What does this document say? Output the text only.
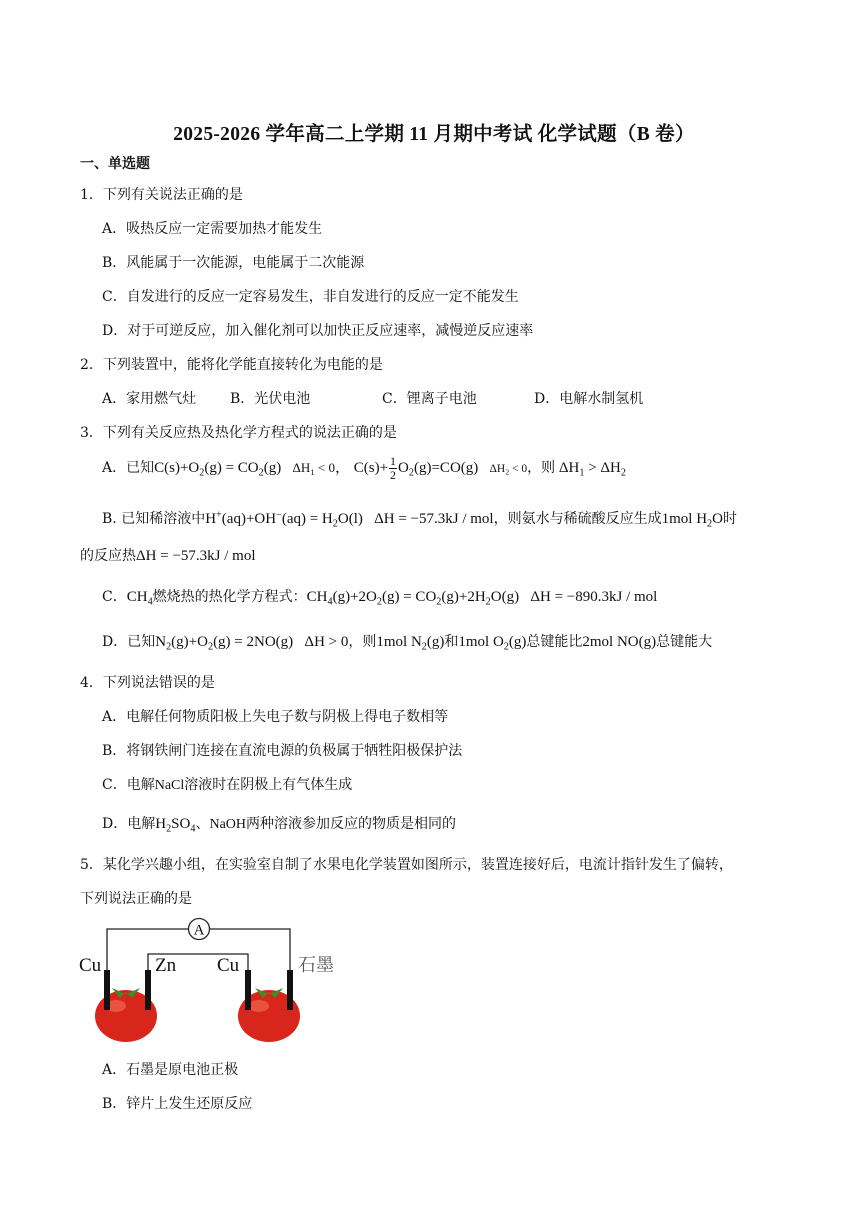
2025-2026 学年高二上学期 11 月期中考试 化学试题（B 卷）
一、单选题
1．下列有关说法正确的是
A．吸热反应一定需要加热才能发生
B．风能属于一次能源，电能属于二次能源
C．自发进行的反应一定容易发生，非自发进行的反应一定不能发生
D．对于可逆反应，加入催化剂可以加快正反应速率，减慢逆反应速率
2．下列装置中，能将化学能直接转化为电能的是
A．家用燃气灶 B．光伏电池	C．锂离子电池	D．电解水制氢机
3．下列有关反应热及热化学方程式的说法正确的是
A．已知$C(s)+O_2(g) = CO_2(g) \Delta H_1 < 0$， $C(s)+ \frac{1}{2} O_2(g)=CO(g) \Delta H_2 < 0$，则 $\Delta H_1 > \Delta H_2$
B. 已知稀溶液中$H^+(aq)+OH^-(aq) = H_2O(l) \Delta H = -57.3kJ$ / mol，则氨水与稀硫酸反应生成1mol $H_2O$时
的反应热ΔH = −57.3kJ / mol
C．$CH_4$燃烧热的热化学方程式：$CH_4(g)+2O_2(g) = CO_2(g)+2H_2O(g) \Delta H = -890.3kJ$ / mol
D．已知$N_2(g)+O_2(g) = 2NO(g) \Delta H > 0$，则1mol $N_2(g)$和1mol $O_2(g)$总键能比2mol NO(g)总键能大
4．下列说法错误的是
A．电解任何物质阳极上失电子数与阴极上得电子数相等
B．将钢铁闸门连接在直流电源的负极属于牺牲阳极保护法
C．电解NaCl溶液时在阴极上有气体生成
D．电解$H_2SO_4$、NaOH两种溶液参加反应的物质是相同的
5．某化学兴趣小组，在实验室自制了水果电化学装置如图所示，装置连接好后，电流计指针发生了偏转，
下列说法正确的是
A
Cu	Zn Cu	石墨
A．石墨是原电池正极
B．锌片上发生还原反应
